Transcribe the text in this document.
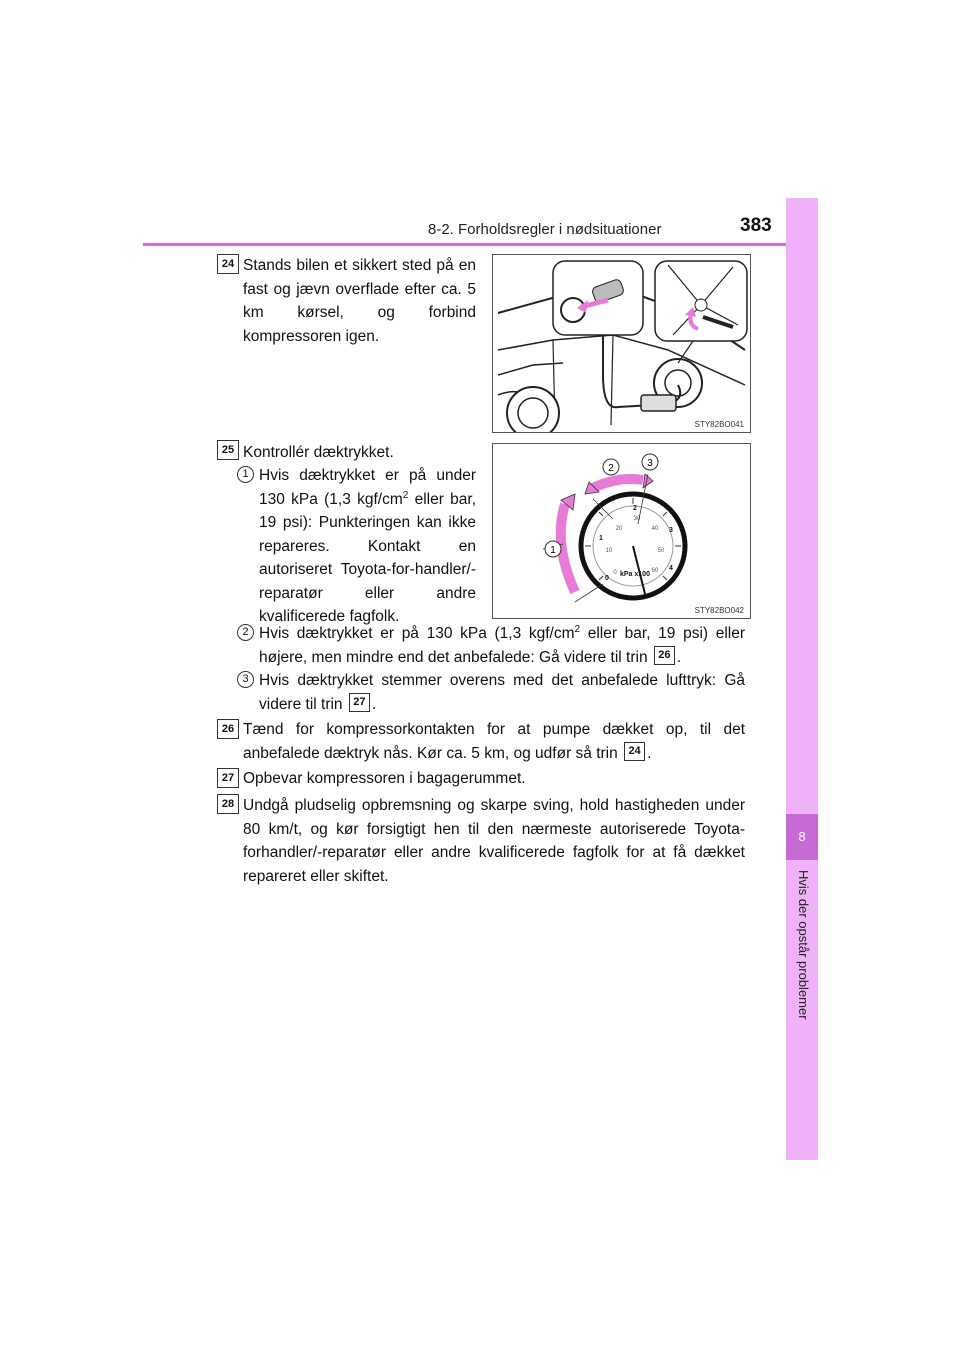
8-2. Forholdsregler i nødsituationer	383
8
Hvis der opstår problemer
24 Stands bilen et sikkert sted på en fast og jævn overflade efter ca. 5 km kørsel, og forbind kompressoren igen.
STY82BO041
25 Kontrollér dæktrykket.
1
2	3
0
10
20
30
40
50
60
0
1
2
3
4
kPa x100
STY82BO042
1 Hvis dæktrykket er på under 130 kPa (1,3 kgf/$cm^2$ eller bar, 19 psi): Punkteringen kan ikke repareres. Kontakt en autoriseret Toyota-for-handler/-reparatør eller andre kvalificerede fagfolk.
2 Hvis dæktrykket er på 130 kPa (1,3 kgf/$cm^2$ eller bar, 19 psi) eller højere, men mindre end det anbefalede: Gå videre til trin 26 .
3 Hvis dæktrykket stemmer overens med det anbefalede lufttryk: Gå videre til trin 27 .
26 Tænd for kompressorkontakten for at pumpe dækket op, til det anbefalede dæktryk nås. Kør ca. 5 km, og udfør så trin 24 .
27 Opbevar kompressoren i bagagerummet.
28 Undgå pludselig opbremsning og skarpe sving, hold hastigheden under 80 km/t, og kør forsigtigt hen til den nærmeste autoriserede Toyota-forhandler/-reparatør eller andre kvalificerede fagfolk for at få dækket repareret eller skiftet.
